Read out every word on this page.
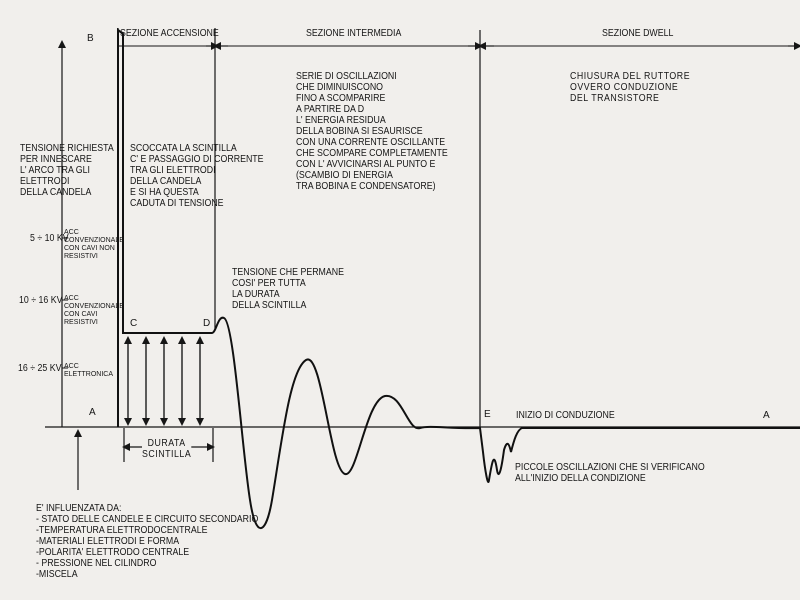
SEZIONE ACCENSIONE	SEZIONE INTERMEDIA	SEZIONE DWELL
B
A
C	D
E	A
TENSIONE RICHIESTA
PER INNESCARE
L' ARCO TRA GLI
ELETTRODI
DELLA CANDELA
SCOCCATA LA SCINTILLA
C' E PASSAGGIO DI CORRENTE
TRA GLI ELETTRODI
DELLA CANDELA
E SI HA QUESTA
CADUTA DI TENSIONE
SERIE DI OSCILLAZIONI
CHE DIMINUISCONO
FINO A SCOMPARIRE
A PARTIRE DA D
L' ENERGIA RESIDUA
DELLA BOBINA SI ESAURISCE
CON UNA CORRENTE OSCILLANTE
CHE SCOMPARE COMPLETAMENTE
CON L' AVVICINARSI AL PUNTO E
(SCAMBIO DI ENERGIA
TRA BOBINA E CONDENSATORE)
CHIUSURA DEL RUTTORE
OVVERO CONDUZIONE
DEL TRANSISTORE
TENSIONE CHE PERMANE
COSI' PER TUTTA
LA DURATA
DELLA SCINTILLA
INIZIO DI CONDUZIONE
PICCOLE OSCILLAZIONI CHE SI VERIFICANO
ALL'INIZIO DELLA CONDIZIONE
DURATA
SCINTILLA
E' INFLUENZATA DA:
- STATO DELLE CANDELE E CIRCUITO SECONDARIO
-TEMPERATURA ELETTRODOCENTRALE
-MATERIALI ELETTRODI E FORMA
-POLARITA' ELETTRODO CENTRALE
- PRESSIONE NEL CILINDRO
-MISCELA
5 ÷ 10 KV
ACC
CONVENZIONALE
CON CAVI NON
RESISTIVI
10 ÷ 16 KV ACC
CONVENZIONALE
CON CAVI
RESISTIVI
16 ÷ 25 KV ACC
ELETTRONICA
